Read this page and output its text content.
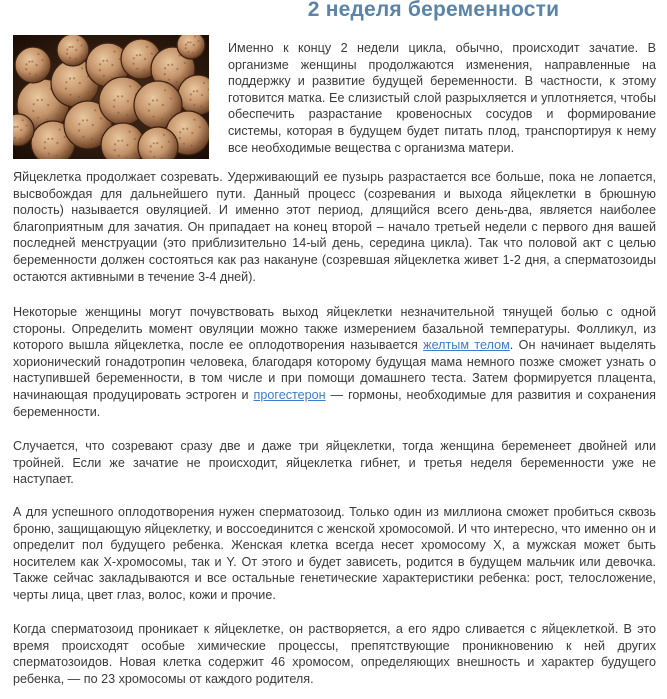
2 неделя беременности

Именно к концу 2 недели цикла, обычно, происходит зачатие. В организме женщины продолжаются изменения, направленные на поддержку и развитие будущей беременности. В частности, к этому готовится матка. Ее слизистый слой разрыхляется и уплотняется, чтобы обеспечить разрастание кровеносных сосудов и формирование системы, которая в будущем будет питать плод, транспортируя к нему все необходимые вещества с организма матери.

Яйцеклетка продолжает созревать. Удерживающий ее пузырь разрастается все больше, пока не лопается, высвобождая для дальнейшего пути. Данный процесс (созревания и выхода яйцеклетки в брюшную полость) называется овуляцией. И именно этот период, длящийся всего день-два, является наиболее благоприятным для зачатия. Он припадает на конец второй – начало третьей недели с первого дня вашей последней менструации (это приблизительно 14-ый день, середина цикла). Так что половой акт с целью беременности должен состояться как раз накануне (созревшая яйцеклетка живет 1-2 дня, а сперматозоиды остаются активными в течение 3-4 дней).

Некоторые женщины могут почувствовать выход яйцеклетки незначительной тянущей болью с одной стороны. Определить момент овуляции можно также измерением базальной температуры. Фолликул, из которого вышла яйцеклетка, после ее оплодотворения называется желтым телом. Он начинает выделять хорионический гонадотропин человека, благодаря которому будущая мама немного позже сможет узнать о наступившей беременности, в том числе и при помощи домашнего теста. Затем формируется плацента, начинающая продуцировать эстроген и прогестерон — гормоны, необходимые для развития и сохранения беременности.

Случается, что созревают сразу две и даже три яйцеклетки, тогда женщина беременеет двойней или тройней. Если же зачатие не происходит, яйцеклетка гибнет, и третья неделя беременности уже не наступает.

А для успешного оплодотворения нужен сперматозоид. Только один из миллиона сможет пробиться сквозь броню, защищающую яйцеклетку, и воссоединится с женской хромосомой. И что интересно, что именно он и определит пол будущего ребенка. Женская клетка всегда несет хромосому Х, а мужская может быть носителем как Х-хромосомы, так и Y. От этого и будет зависеть, родится в будущем мальчик или девочка. Также сейчас закладываются и все остальные генетические характеристики ребенка: рост, телосложение, черты лица, цвет глаз, волос, кожи и прочие.

Когда сперматозоид проникает к яйцеклетке, он растворяется, а его ядро сливается с яйцеклеткой. В это время происходят особые химические процессы, препятствующие проникновению к ней других сперматозоидов. Новая клетка содержит 46 хромосом, определяющих внешность и характер будущего ребенка, — по 23 хромосомы от каждого родителя.
